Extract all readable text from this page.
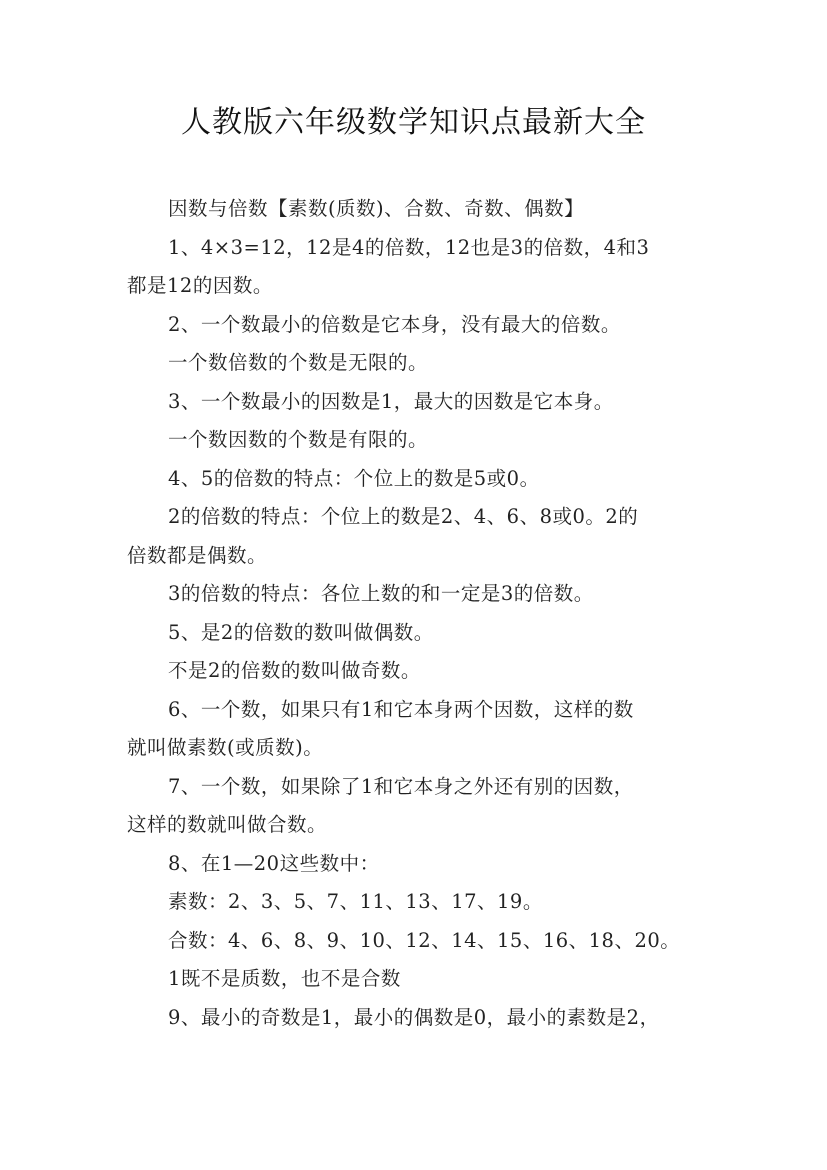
人教版六年级数学知识点最新大全

因数与倍数【素数(质数)、合数、奇数、偶数】

1、4×3=12，12是4的倍数，12也是3的倍数，4和3

都是12的因数。

2、一个数最小的倍数是它本身，没有最大的倍数。

一个数倍数的个数是无限的。

3、一个数最小的因数是1，最大的因数是它本身。

一个数因数的个数是有限的。

4、5的倍数的特点：个位上的数是5或0。

2的倍数的特点：个位上的数是2、4、6、8或0。2的

倍数都是偶数。

3的倍数的特点：各位上数的和一定是3的倍数。

5、是2的倍数的数叫做偶数。

不是2的倍数的数叫做奇数。

6、一个数，如果只有1和它本身两个因数，这样的数

就叫做素数(或质数)。

7、一个数，如果除了1和它本身之外还有别的因数，

这样的数就叫做合数。

8、在1—20这些数中：

素数：2、3、5、7、11、13、17、19。

合数：4、6、8、9、10、12、14、15、16、18、20。

1既不是质数，也不是合数

9、最小的奇数是1，最小的偶数是0，最小的素数是2，
